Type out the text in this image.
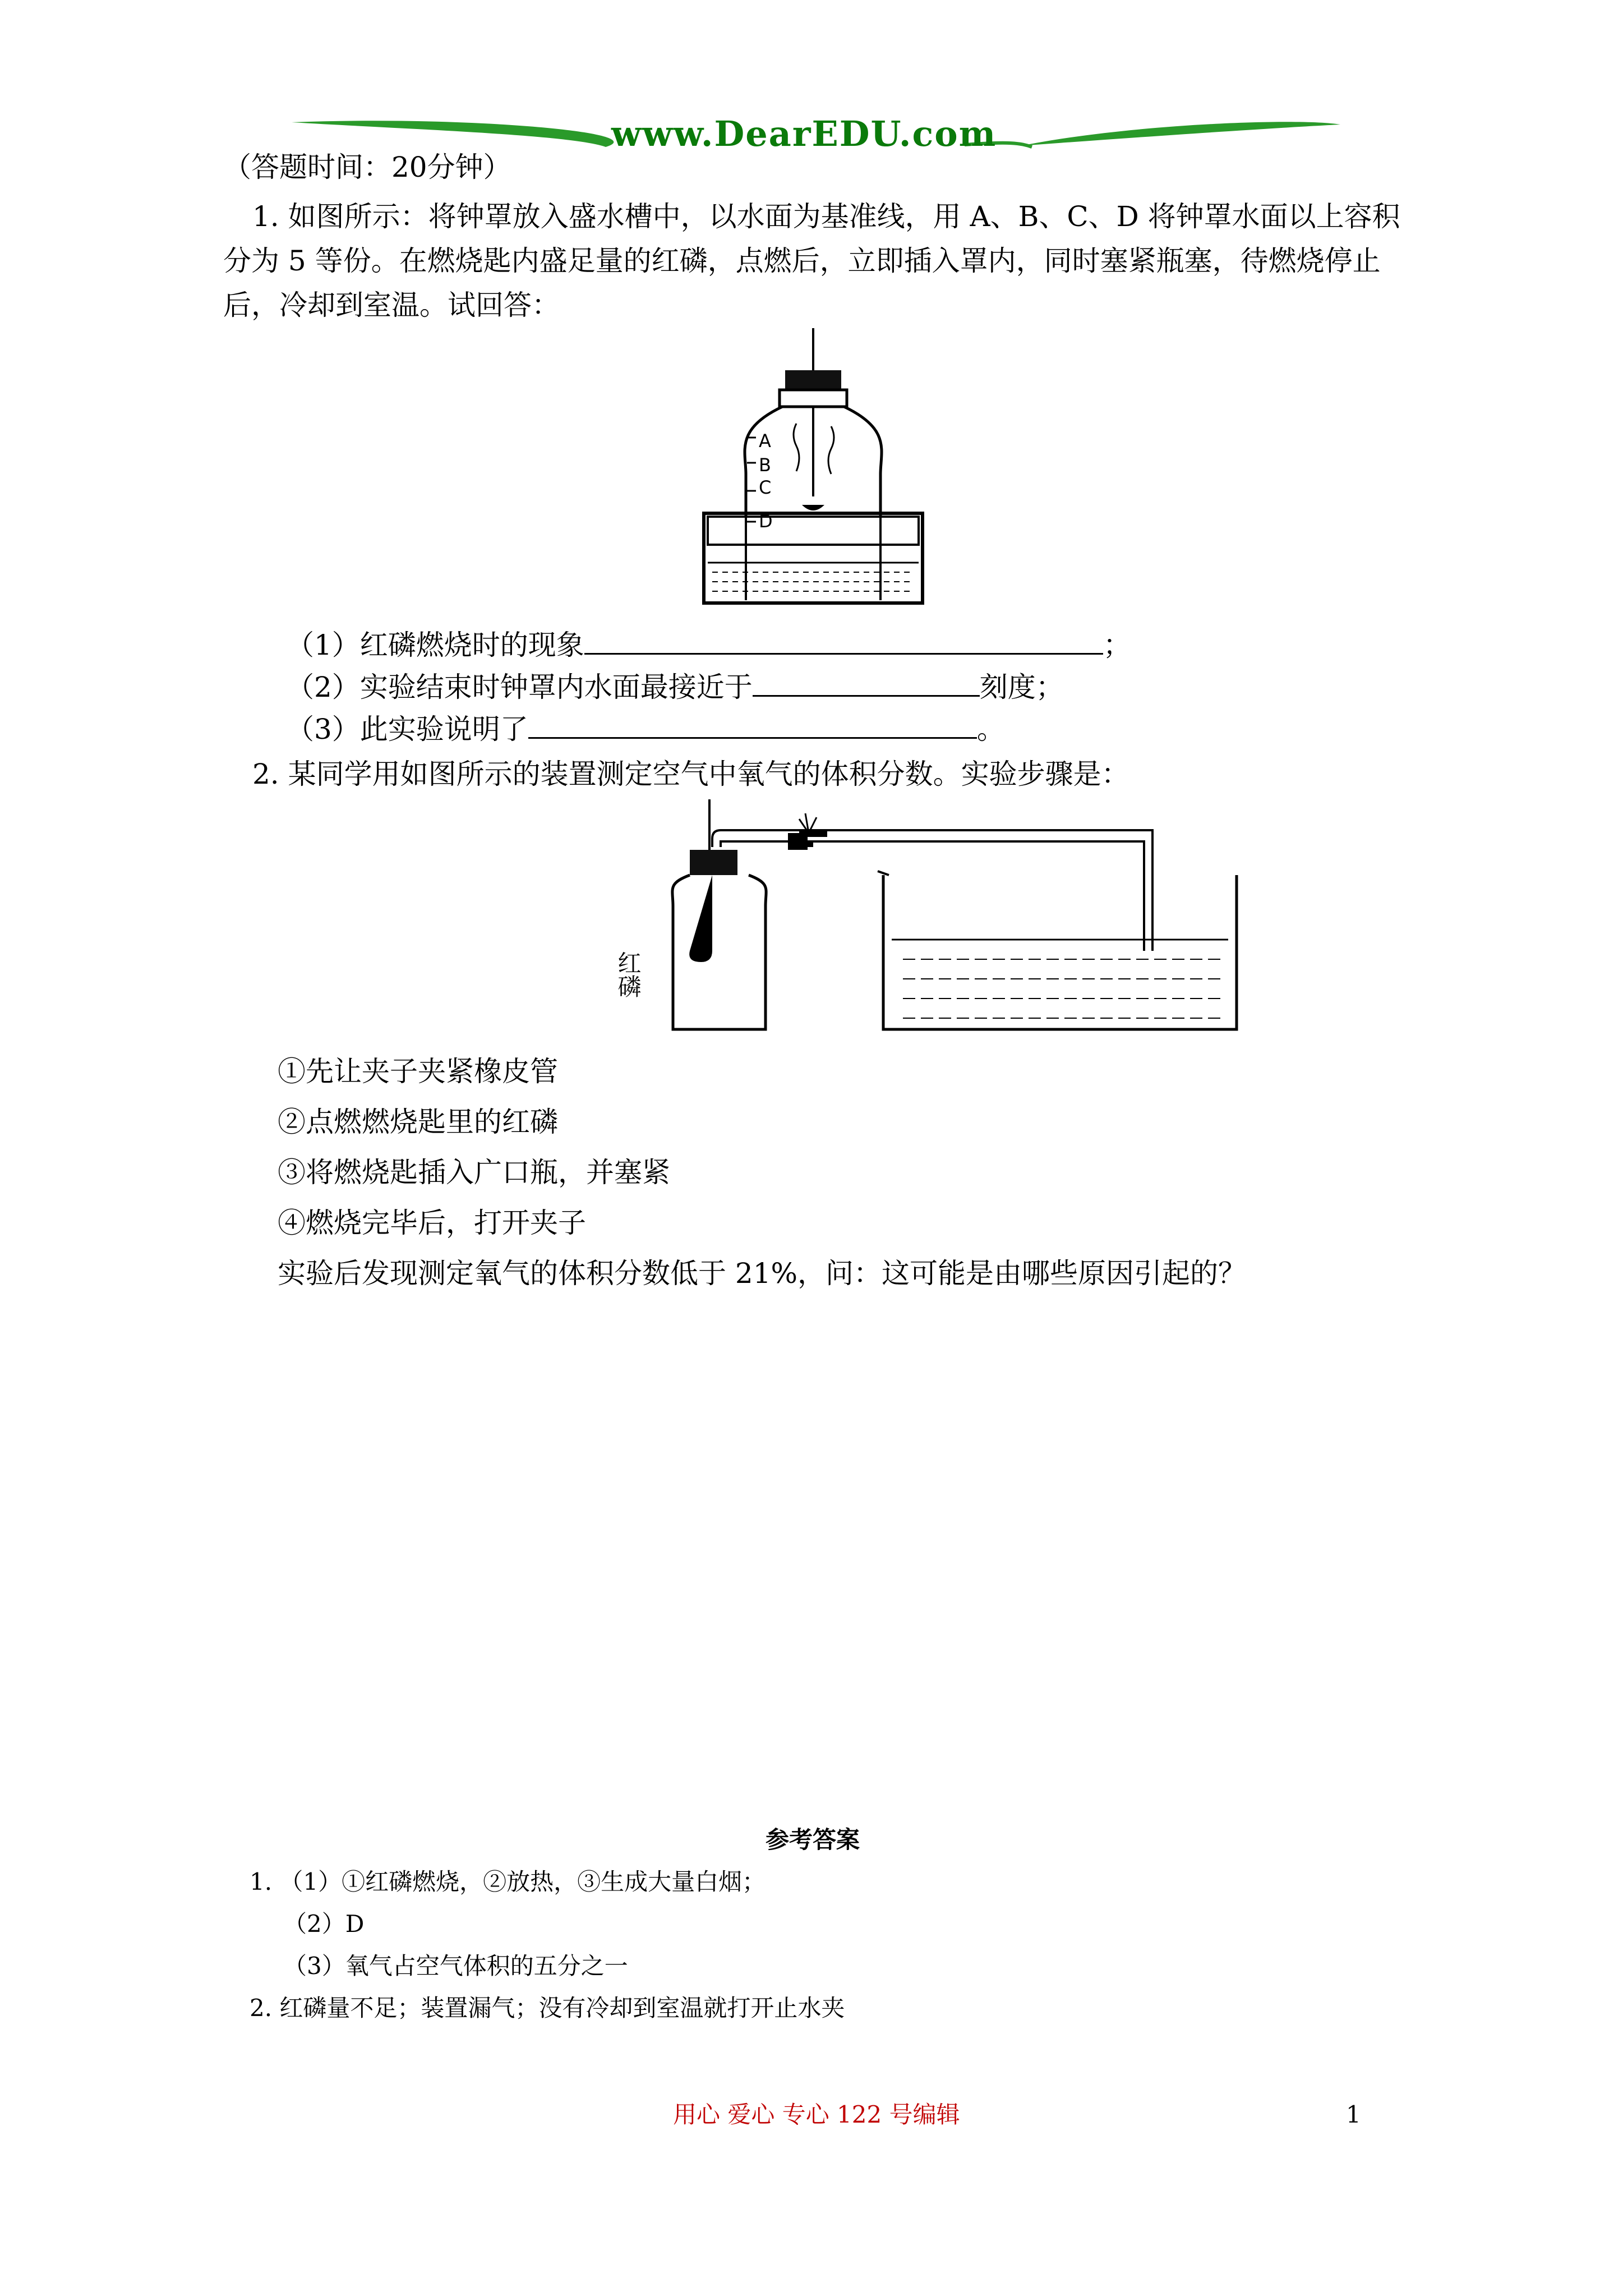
www.DearEDU.com
（答题时间：20分钟）
1. 如图所示：将钟罩放入盛水槽中，以水面为基准线，用 A、B、C、D 将钟罩水面以上容积
分为 5 等份。在燃烧匙内盛足量的红磷，点燃后，立即插入罩内，同时塞紧瓶塞，待燃烧停止
后，冷却到室温。试回答：
A
B
C
D
（1）红磷燃烧时的现象	；
（2）实验结束时钟罩内水面最接近于	刻度；
（3）此实验说明了	。
2. 某同学用如图所示的装置测定空气中氧气的体积分数。实验步骤是：
红磷
①先让夹子夹紧橡皮管
②点燃燃烧匙里的红磷
③将燃烧匙插入广口瓶，并塞紧
④燃烧完毕后，打开夹子
实验后发现测定氧气的体积分数低于 21%，问：这可能是由哪些原因引起的？
参考答案
1. （1）①红磷燃烧，②放热，③生成大量白烟；
（2）D
（3）氧气占空气体积的五分之一
2. 红磷量不足；装置漏气；没有冷却到室温就打开止水夹
用心 爱心 专心 122 号编辑	1
